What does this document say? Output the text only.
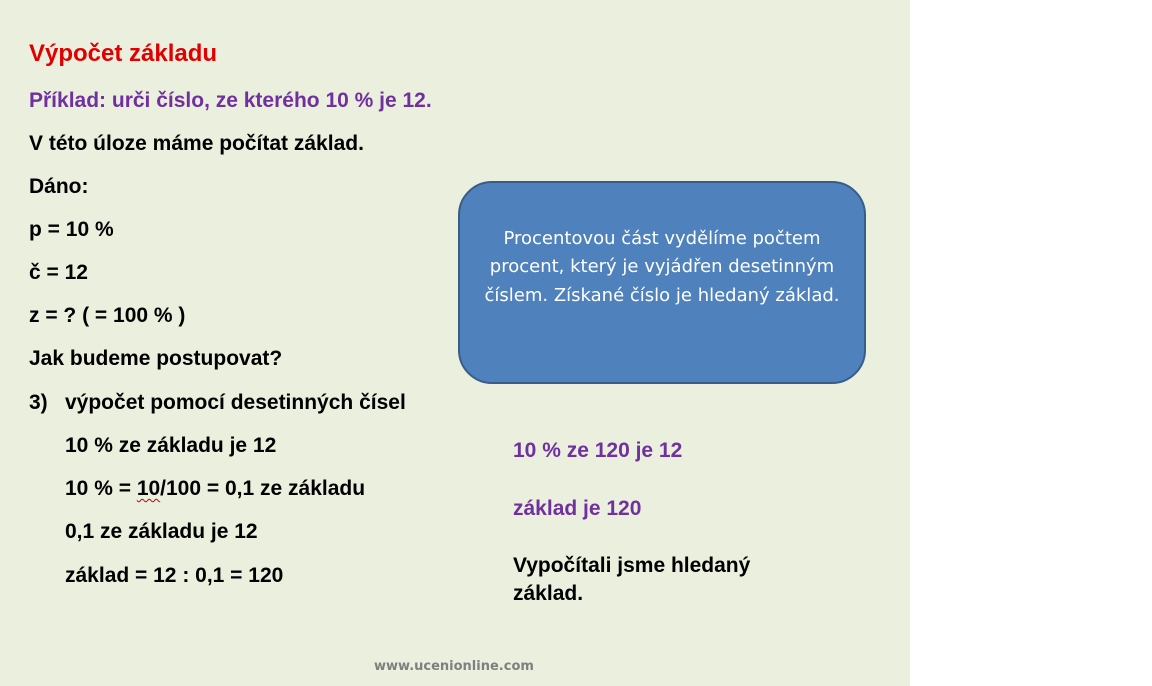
Výpočet základu
Příklad: urči číslo, ze kterého 10 % je 12.
V této úloze máme počítat základ.
Dáno:
p = 10 %
č = 12
z = ? ( = 100 % )
Jak budeme postupovat?
3) výpočet pomocí desetinných čísel
10 % ze základu je 12
10 % = 10/100 = 0,1 ze základu
0,1 ze základu je 12
základ = 12 : 0,1 = 120
Procentovou část vydělíme počtem procent, který je vyjádřen desetinným číslem. Získané číslo je hledaný základ.
10 % ze 120 je 12
základ je 120
Vypočítali jsme hledaný
základ.
www.ucenionline.com
